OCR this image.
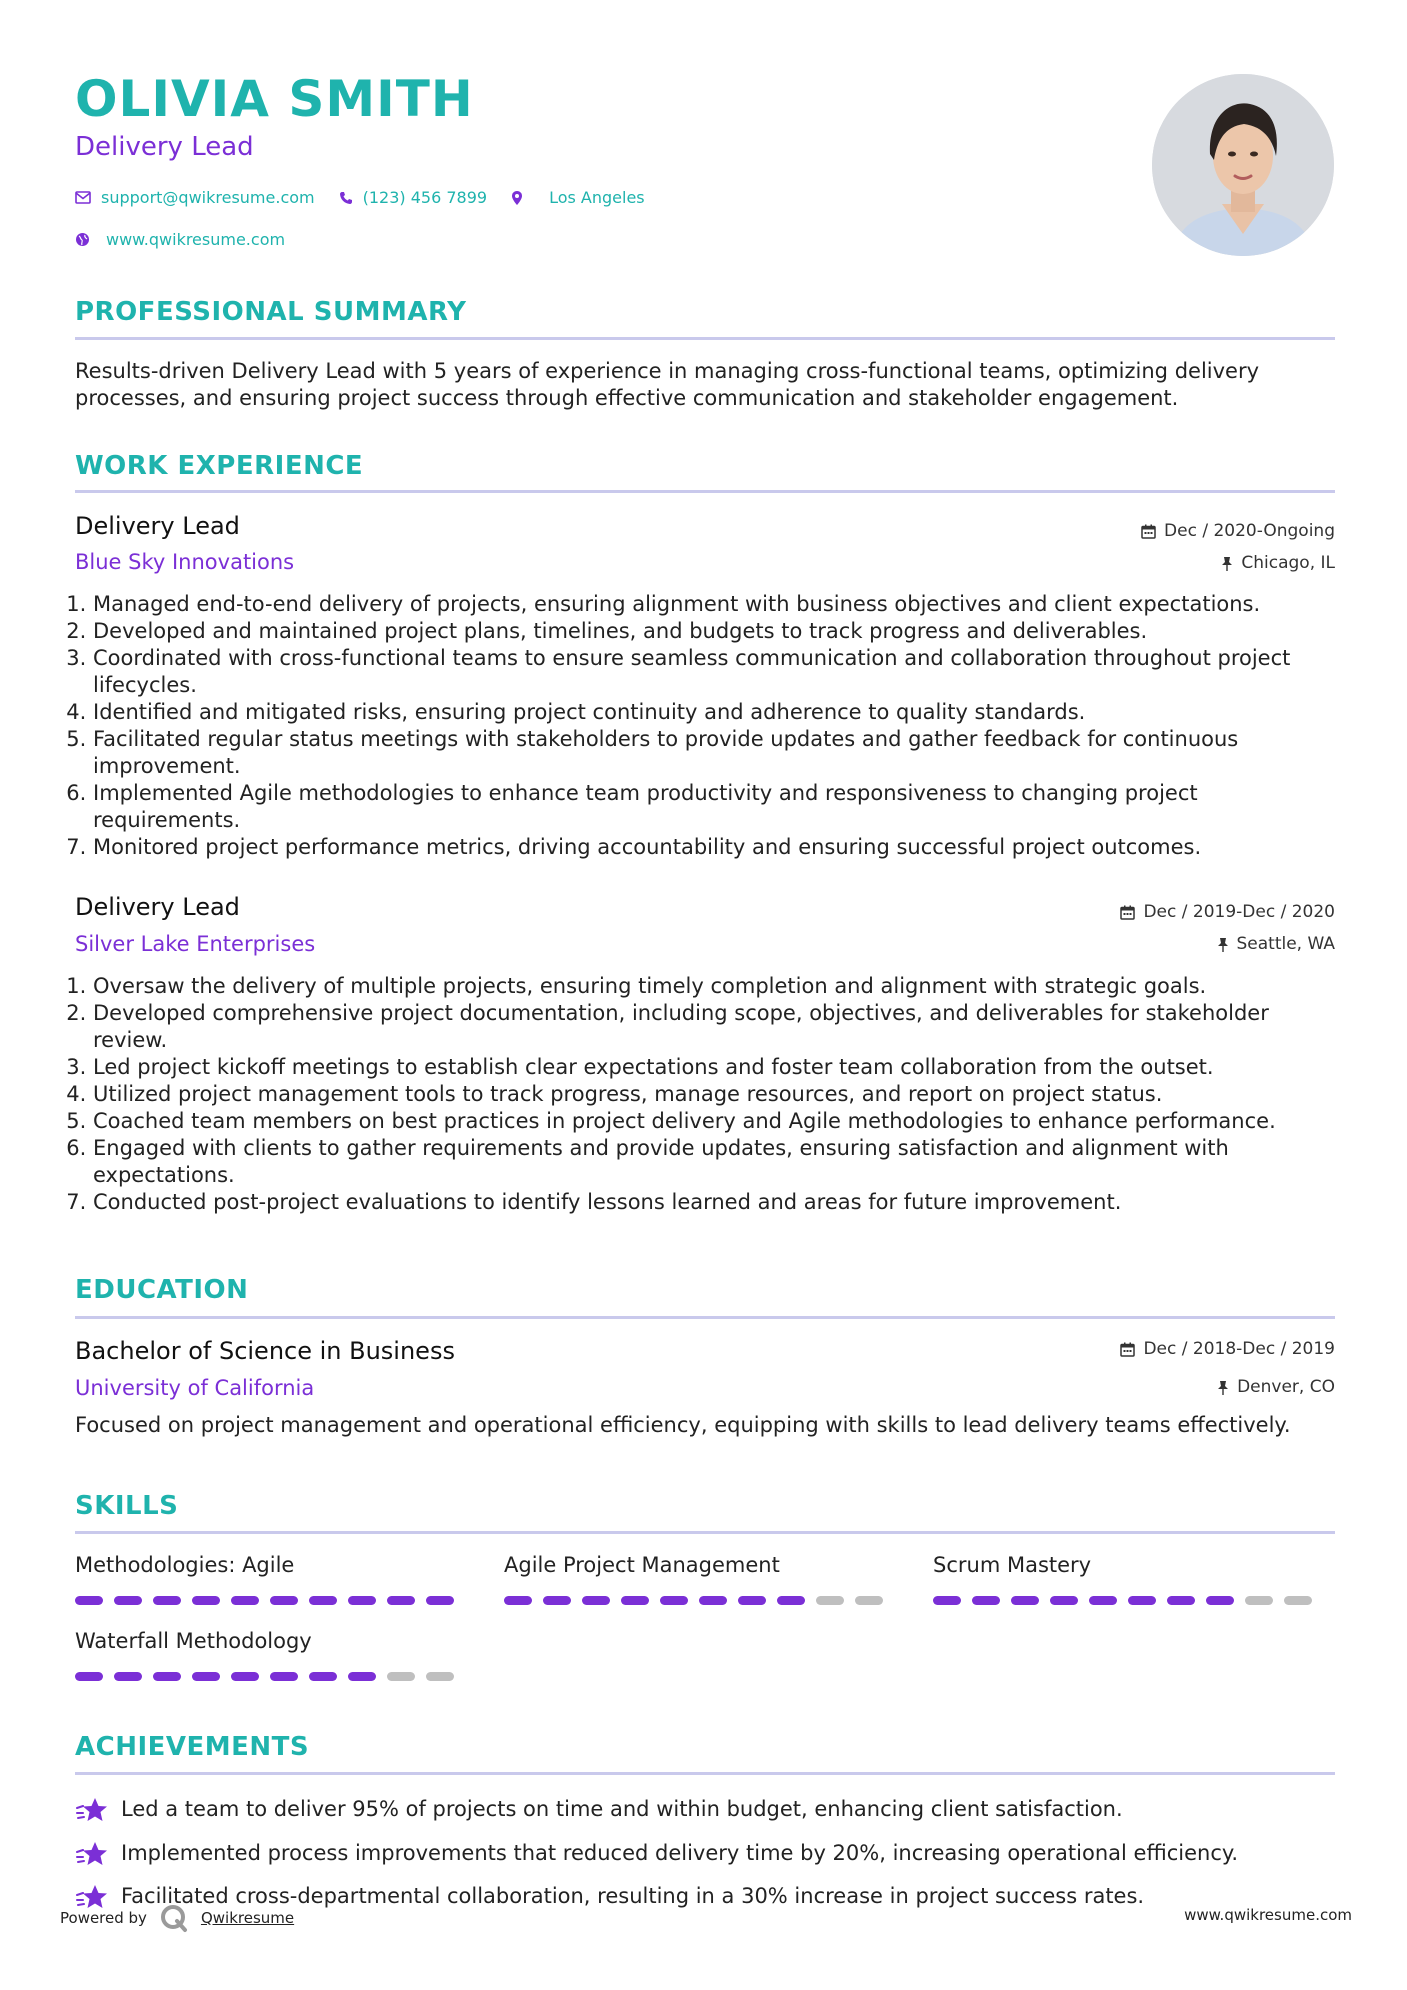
OLIVIA SMITH
Delivery Lead
support@qwikresume.com	(123) 456 7899	Los Angeles
www.qwikresume.com
PROFESSIONAL SUMMARY
Results-driven Delivery Lead with 5 years of experience in managing cross-functional teams, optimizing delivery processes, and ensuring project success through effective communication and stakeholder engagement.
WORK EXPERIENCE
Delivery Lead
Blue Sky Innovations
Dec / 2020-Ongoing
Chicago, IL
1. Managed end-to-end delivery of projects, ensuring alignment with business objectives and client expectations.
2. Developed and maintained project plans, timelines, and budgets to track progress and deliverables.
3. Coordinated with cross-functional teams to ensure seamless communication and collaboration throughout project lifecycles.
4. Identified and mitigated risks, ensuring project continuity and adherence to quality standards.
5. Facilitated regular status meetings with stakeholders to provide updates and gather feedback for continuous improvement.
6. Implemented Agile methodologies to enhance team productivity and responsiveness to changing project requirements.
7. Monitored project performance metrics, driving accountability and ensuring successful project outcomes.
Delivery Lead
Silver Lake Enterprises
Dec / 2019-Dec / 2020
Seattle, WA
1. Oversaw the delivery of multiple projects, ensuring timely completion and alignment with strategic goals.
2. Developed comprehensive project documentation, including scope, objectives, and deliverables for stakeholder review.
3. Led project kickoff meetings to establish clear expectations and foster team collaboration from the outset.
4. Utilized project management tools to track progress, manage resources, and report on project status.
5. Coached team members on best practices in project delivery and Agile methodologies to enhance performance.
6. Engaged with clients to gather requirements and provide updates, ensuring satisfaction and alignment with expectations.
7. Conducted post-project evaluations to identify lessons learned and areas for future improvement.
EDUCATION
Bachelor of Science in Business
University of California
Dec / 2018-Dec / 2019
Denver, CO
Focused on project management and operational efficiency, equipping with skills to lead delivery teams effectively.
SKILLS
Methodologies: Agile	Agile Project Management	Scrum Mastery
Waterfall Methodology
ACHIEVEMENTS
Led a team to deliver 95% of projects on time and within budget, enhancing client satisfaction.
Implemented process improvements that reduced delivery time by 20%, increasing operational efficiency.
Facilitated cross-departmental collaboration, resulting in a 30% increase in project success rates.
Powered by	Qwikresume	www.qwikresume.com
